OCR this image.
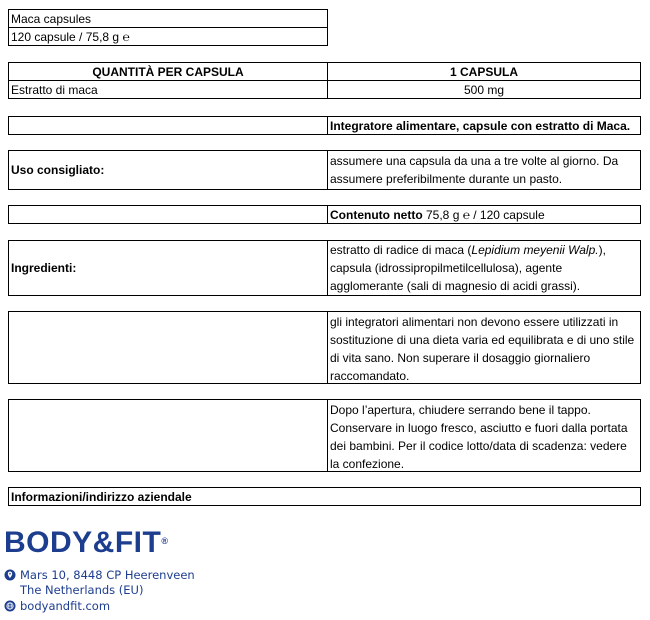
Maca capsules
120 capsule / 75,8 g ℮
QUANTITÀ PER CAPSULA	1 CAPSULA
Estratto di maca	500 mg
Integratore alimentare, capsule con estratto di Maca.
Uso consigliato:
assumere una capsula da una a tre volte al giorno. Da assumere preferibilmente durante un pasto.
Contenuto netto 75,8 g ℮ / 120 capsule
Ingredienti:
estratto di radice di maca (Lepidium meyenii Walp.), capsula (idrossipropilmetilcellulosa), agente agglomerante (sali di magnesio di acidi grassi).
gli integratori alimentari non devono essere utilizzati in sostituzione di una dieta varia ed equilibrata e di uno stile di vita sano. Non superare il dosaggio giornaliero raccomandato.
Dopo l’apertura, chiudere serrando bene il tappo. Conservare in luogo fresco, asciutto e fuori dalla portata dei bambini. Per il codice lotto/data di scadenza: vedere la confezione.
Informazioni/indirizzo aziendale
BODY&FIT®
Mars 10, 8448 CP Heerenveen
The Netherlands (EU)
bodyandfit.com
